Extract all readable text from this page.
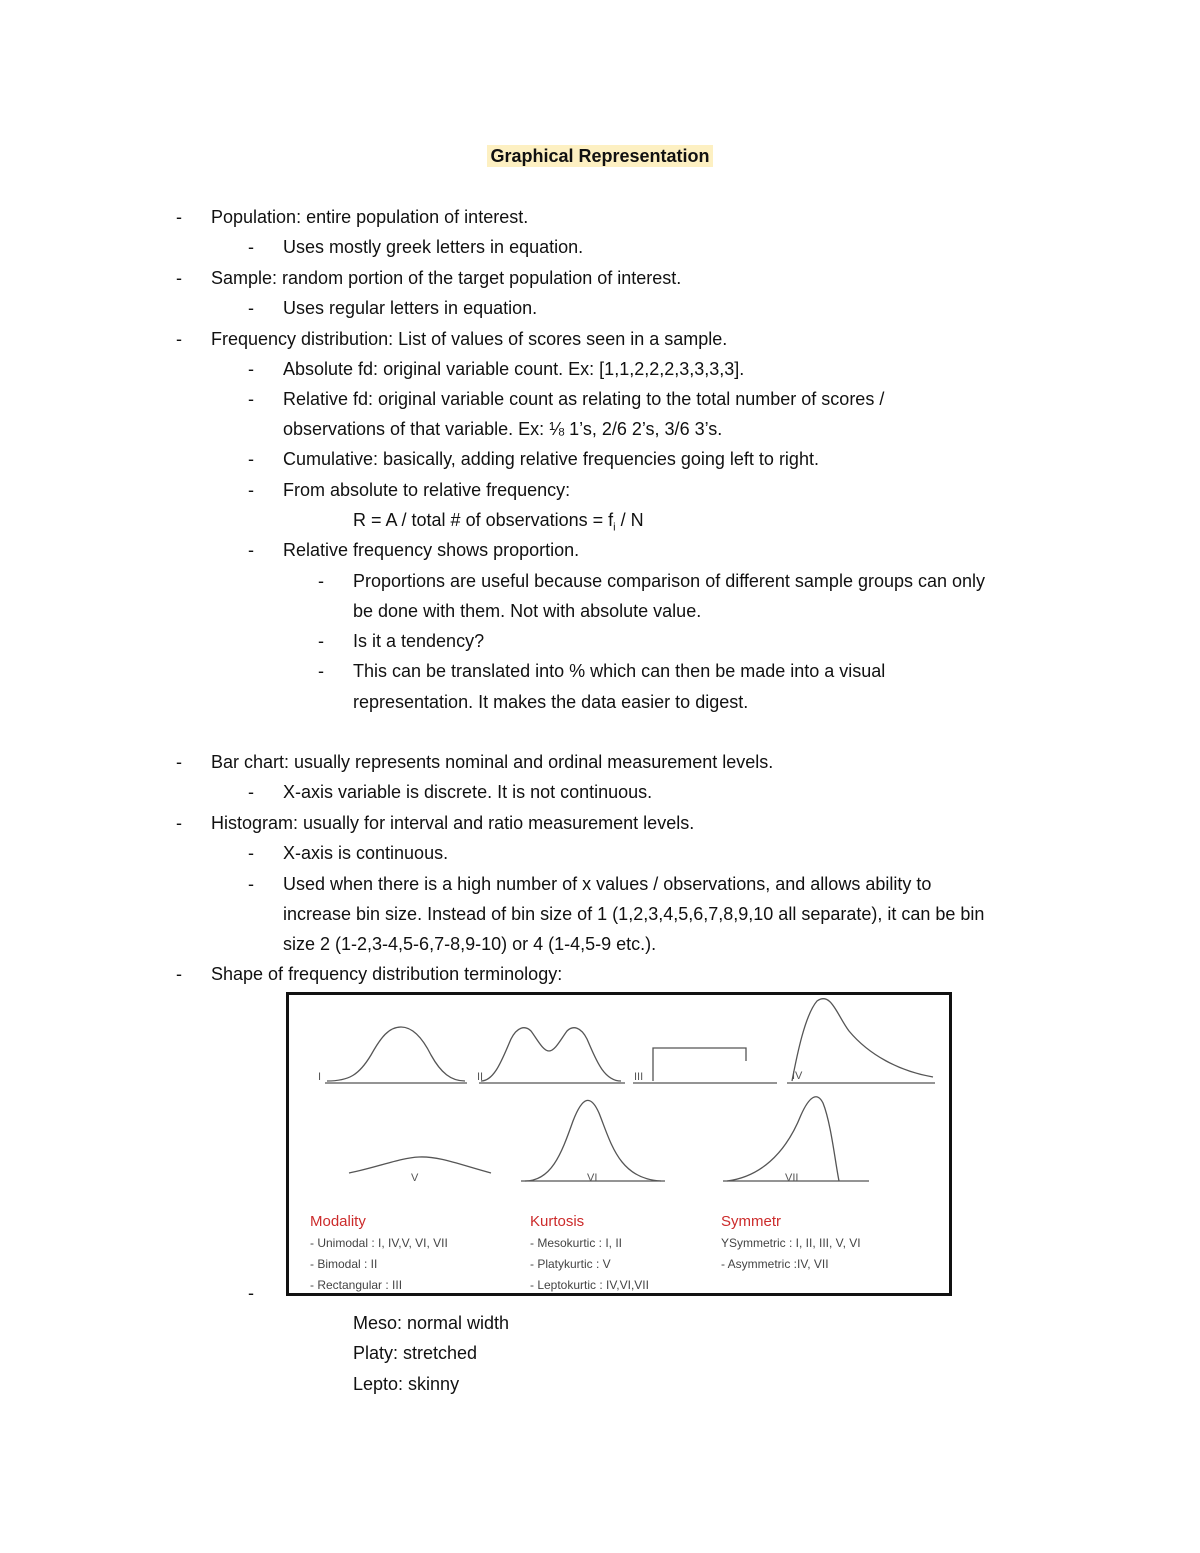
Graphical Representation
- Population: entire population of interest.
- Uses mostly greek letters in equation.
- Sample: random portion of the target population of interest.
- Uses regular letters in equation.
- Frequency distribution: List of values of scores seen in a sample.
- Absolute fd: original variable count. Ex: [1,1,2,2,2,3,3,3,3].
- Relative fd: original variable count as relating to the total number of scores /
observations of that variable. Ex: ⅛ 1’s, 2/6 2’s, 3/6 3’s.
- Cumulative: basically, adding relative frequencies going left to right.
- From absolute to relative frequency:
R = A / total # of observations = $f_i$ / N
- Relative frequency shows proportion.
- Proportions are useful because comparison of different sample groups can only
be done with them. Not with absolute value.
- Is it a tendency?
- This can be translated into % which can then be made into a visual
representation. It makes the data easier to digest.
- Bar chart: usually represents nominal and ordinal measurement levels.
- X-axis variable is discrete. It is not continuous.
- Histogram: usually for interval and ratio measurement levels.
- X-axis is continuous.
- Used when there is a high number of x values / observations, and allows ability to
increase bin size. Instead of bin size of 1 (1,2,3,4,5,6,7,8,9,10 all separate), it can be bin
size 2 (1-2,3-4,5-6,7-8,9-10) or 4 (1-4,5-9 etc.).
- Shape of frequency distribution terminology:
-
I	II	III	IV
V	VI	VII
Modality
- Unimodal : I, IV,V, VI, VII
- Bimodal : II
- Rectangular : III
Kurtosis
- Mesokurtic : I, II
- Platykurtic : V
- Leptokurtic : IV,VI,VII
Symmetr
YSymmetric : I, II, III, V, VI
- Asymmetric :IV, VII
Meso: normal width
Platy: stretched
Lepto: skinny
